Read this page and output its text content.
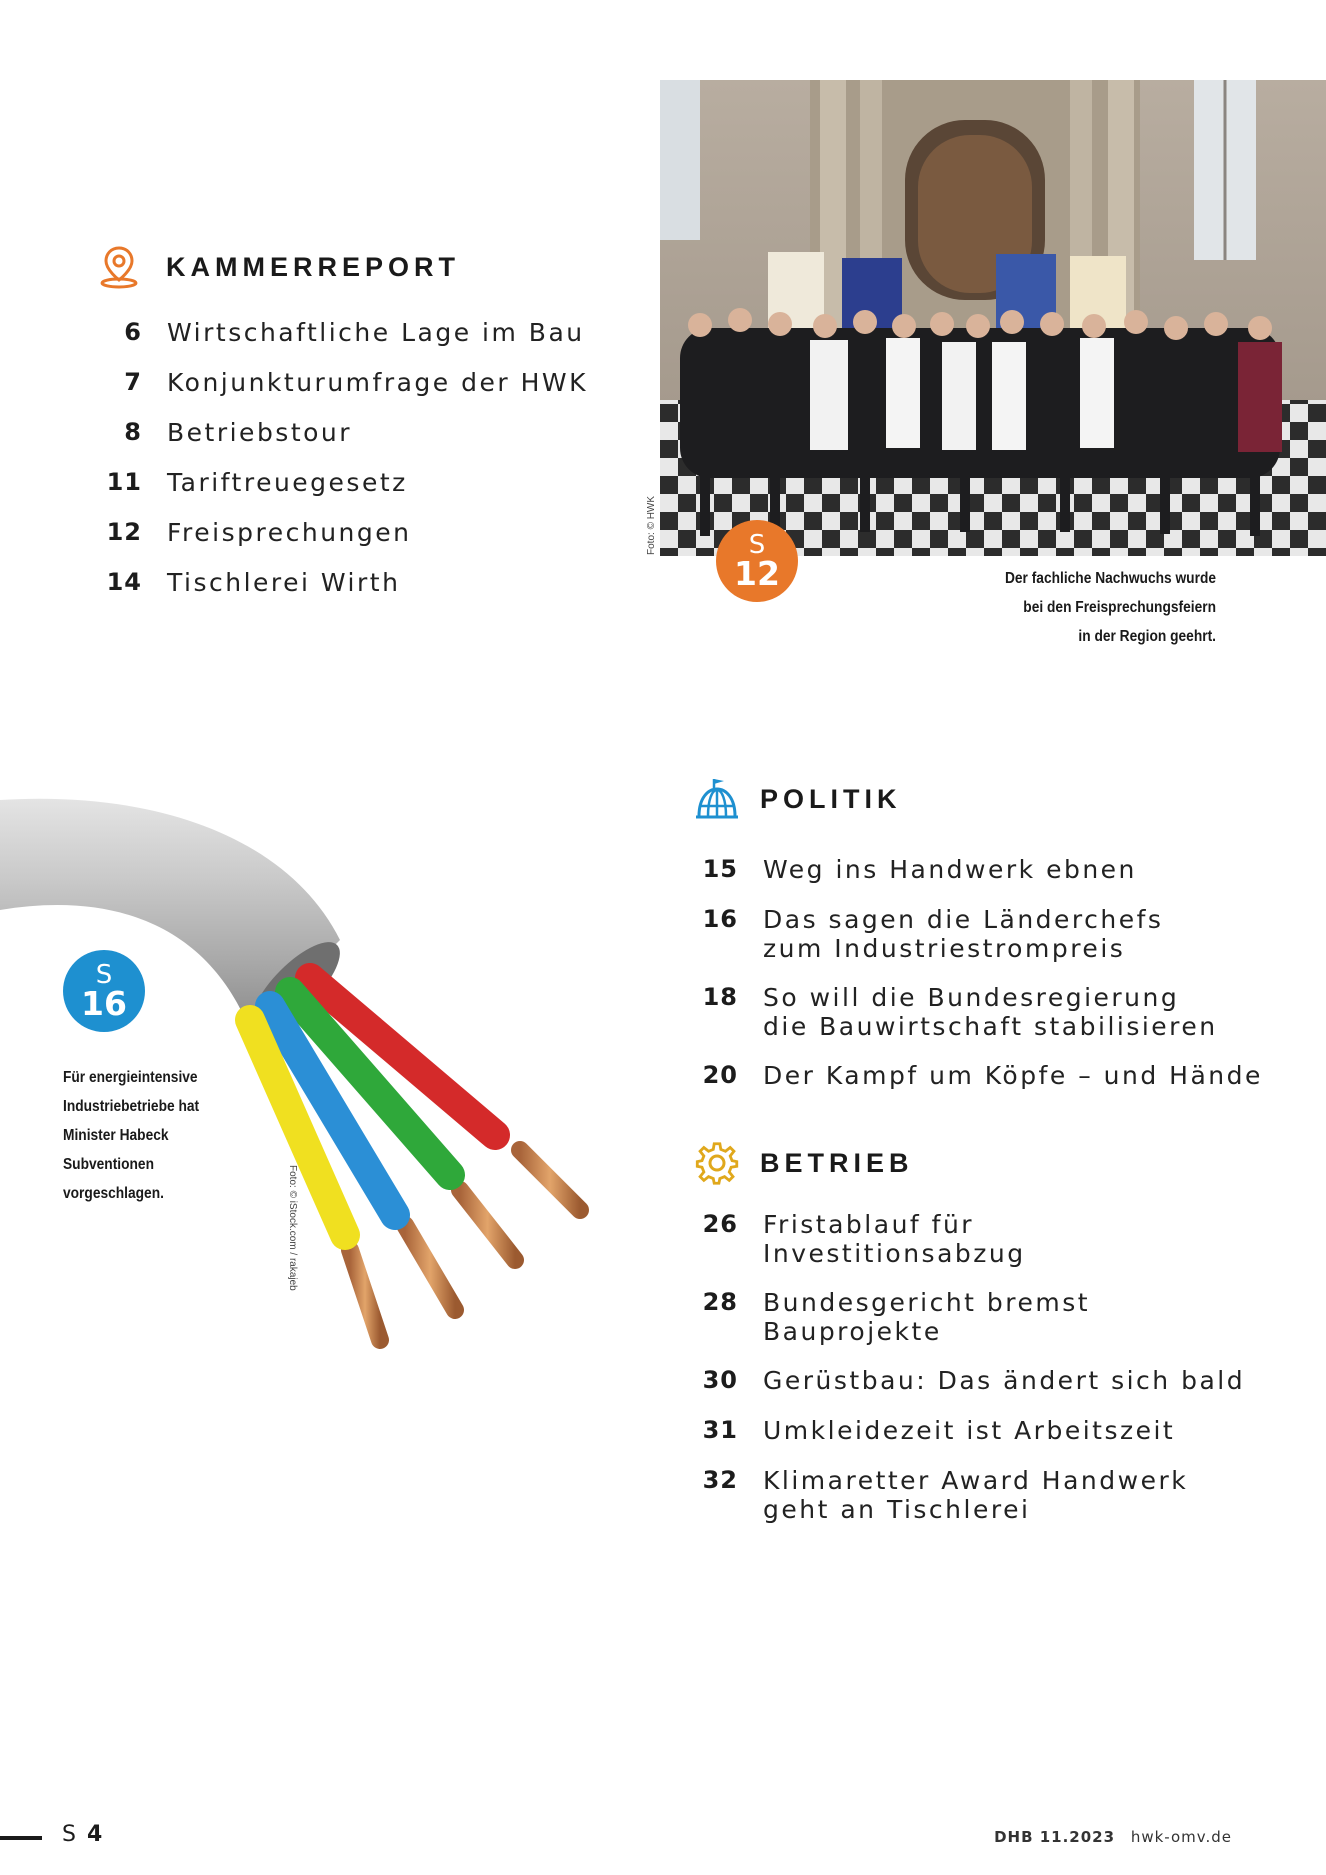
KAMMERREPORT
6 Wirtschaftliche Lage im Bau
7 Konjunkturumfrage der HWK
8 Betriebstour
11 Tariftreuegesetz
12 Freisprechungen
14 Tischlerei Wirth
Foto: © HWK	S
12	Der fachliche Nachwuchs wurde
bei den Freisprechungsfeiern
in der Region geehrt.
Foto: © iStock.com / rakajeb
S
16
Für energieintensive
Industriebetriebe hat
Minister Habeck
Subventionen
vorgeschlagen.
POLITIK
15 Weg ins Handwerk ebnen
16 Das sagen die Länderchefs
zum Industriestrompreis
18 So will die Bundesregierung
die Bauwirtschaft stabilisieren
20 Der Kampf um Köpfe – und Hände
BETRIEB
26 Fristablauf für
Investitionsabzug
28 Bundesgericht bremst
Bauprojekte
30 Gerüstbau: Das ändert sich bald
31 Umkleidezeit ist Arbeitszeit
32 Klimaretter Award Handwerk
geht an Tischlerei
S 4	DHB 11.2023 hwk-omv.de
